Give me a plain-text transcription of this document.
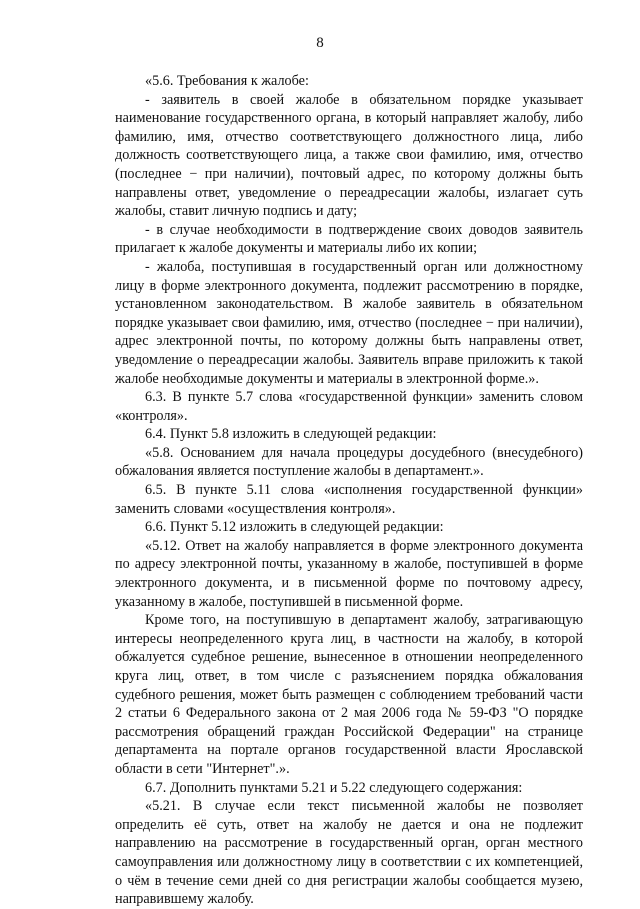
8

«5.6. Требования к жалобе:

- заявитель в своей жалобе в обязательном порядке указывает наименование государственного органа, в который направляет жалобу, либо фамилию, имя, отчество соответствующего должностного лица, либо должность соответствующего лица, а также свои фамилию, имя, отчество (последнее − при наличии), почтовый адрес, по которому должны быть направлены ответ, уведомление о переадресации жалобы, излагает суть жалобы, ставит личную подпись и дату;

- в случае необходимости в подтверждение своих доводов заявитель прилагает к жалобе документы и материалы либо их копии;

- жалоба, поступившая в государственный орган или должностному лицу в форме электронного документа, подлежит рассмотрению в порядке, установленном законодательством. В жалобе заявитель в обязательном порядке указывает свои фамилию, имя, отчество (последнее − при наличии), адрес электронной почты, по которому должны быть направлены ответ, уведомление о переадресации жалобы. Заявитель вправе приложить к такой жалобе необходимые документы и материалы в электронной форме.».

6.3. В пункте 5.7 слова «государственной функции» заменить словом «контроля».

6.4. Пункт 5.8 изложить в следующей редакции:

«5.8. Основанием для начала процедуры досудебного (внесудебного) обжалования является поступление жалобы в департамент.».

6.5. В пункте 5.11 слова «исполнения государственной функции» заменить словами «осуществления контроля».

6.6. Пункт 5.12 изложить в следующей редакции:

«5.12. Ответ на жалобу направляется в форме электронного документа по адресу электронной почты, указанному в жалобе, поступившей в форме электронного документа, и в письменной форме по почтовому адресу, указанному в жалобе, поступившей в письменной форме.

Кроме того, на поступившую в департамент жалобу, затрагивающую интересы неопределенного круга лиц, в частности на жалобу, в которой обжалуется судебное решение, вынесенное в отношении неопределенного круга лиц, ответ, в том числе с разъяснением порядка обжалования судебного решения, может быть размещен с соблюдением требований части 2 статьи 6 Федерального закона от 2 мая 2006 года № 59-ФЗ "О порядке рассмотрения обращений граждан Российской Федерации" на странице департамента на портале органов государственной власти Ярославской области в сети "Интернет".».

6.7. Дополнить пунктами 5.21 и 5.22 следующего содержания:

«5.21. В случае если текст письменной жалобы не позволяет определить её суть, ответ на жалобу не дается и она не подлежит направлению на рассмотрение в государственный орган, орган местного самоуправления или должностному лицу в соответствии с их компетенцией, о чём в течение семи дней со дня регистрации жалобы сообщается музею, направившему жалобу.
